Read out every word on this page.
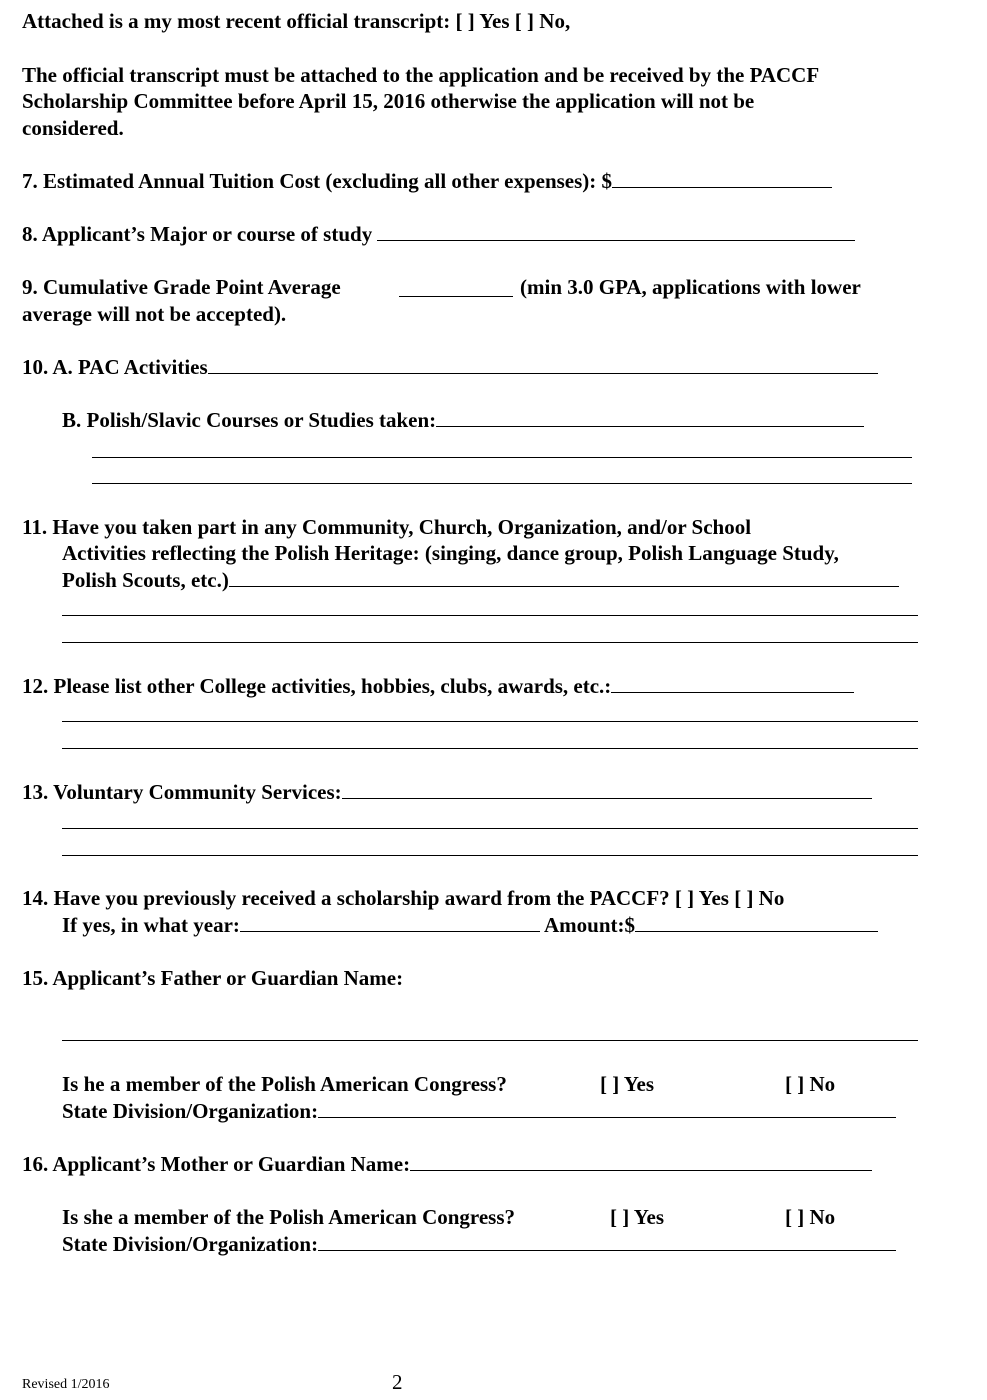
Attached is a my most recent official transcript: [ ] Yes [ ] No,
The official transcript must be attached to the application and be received by the PACCF
Scholarship Committee before April 15, 2016 otherwise the application will not be
considered.
7. Estimated Annual Tuition Cost (excluding all other expenses): $
8. Applicant’s Major or course of study
9. Cumulative Grade Point Average	(min 3.0 GPA, applications with lower
average will not be accepted).
10. A. PAC Activities
B. Polish/Slavic Courses or Studies taken:
11. Have you taken part in any Community, Church, Organization, and/or School
Activities reflecting the Polish Heritage: (singing, dance group, Polish Language Study,
Polish Scouts, etc.)
12. Please list other College activities, hobbies, clubs, awards, etc.:
13. Voluntary Community Services:
14. Have you previously received a scholarship award from the PACCF? [ ] Yes [ ] No
If yes, in what year:	Amount:$
15. Applicant’s Father or Guardian Name:
Is he a member of the Polish American Congress?	[ ] Yes	[ ] No
State Division/Organization:
16. Applicant’s Mother or Guardian Name:
Is she a member of the Polish American Congress?	[ ] Yes	[ ] No
State Division/Organization:
Revised 1/2016	2
